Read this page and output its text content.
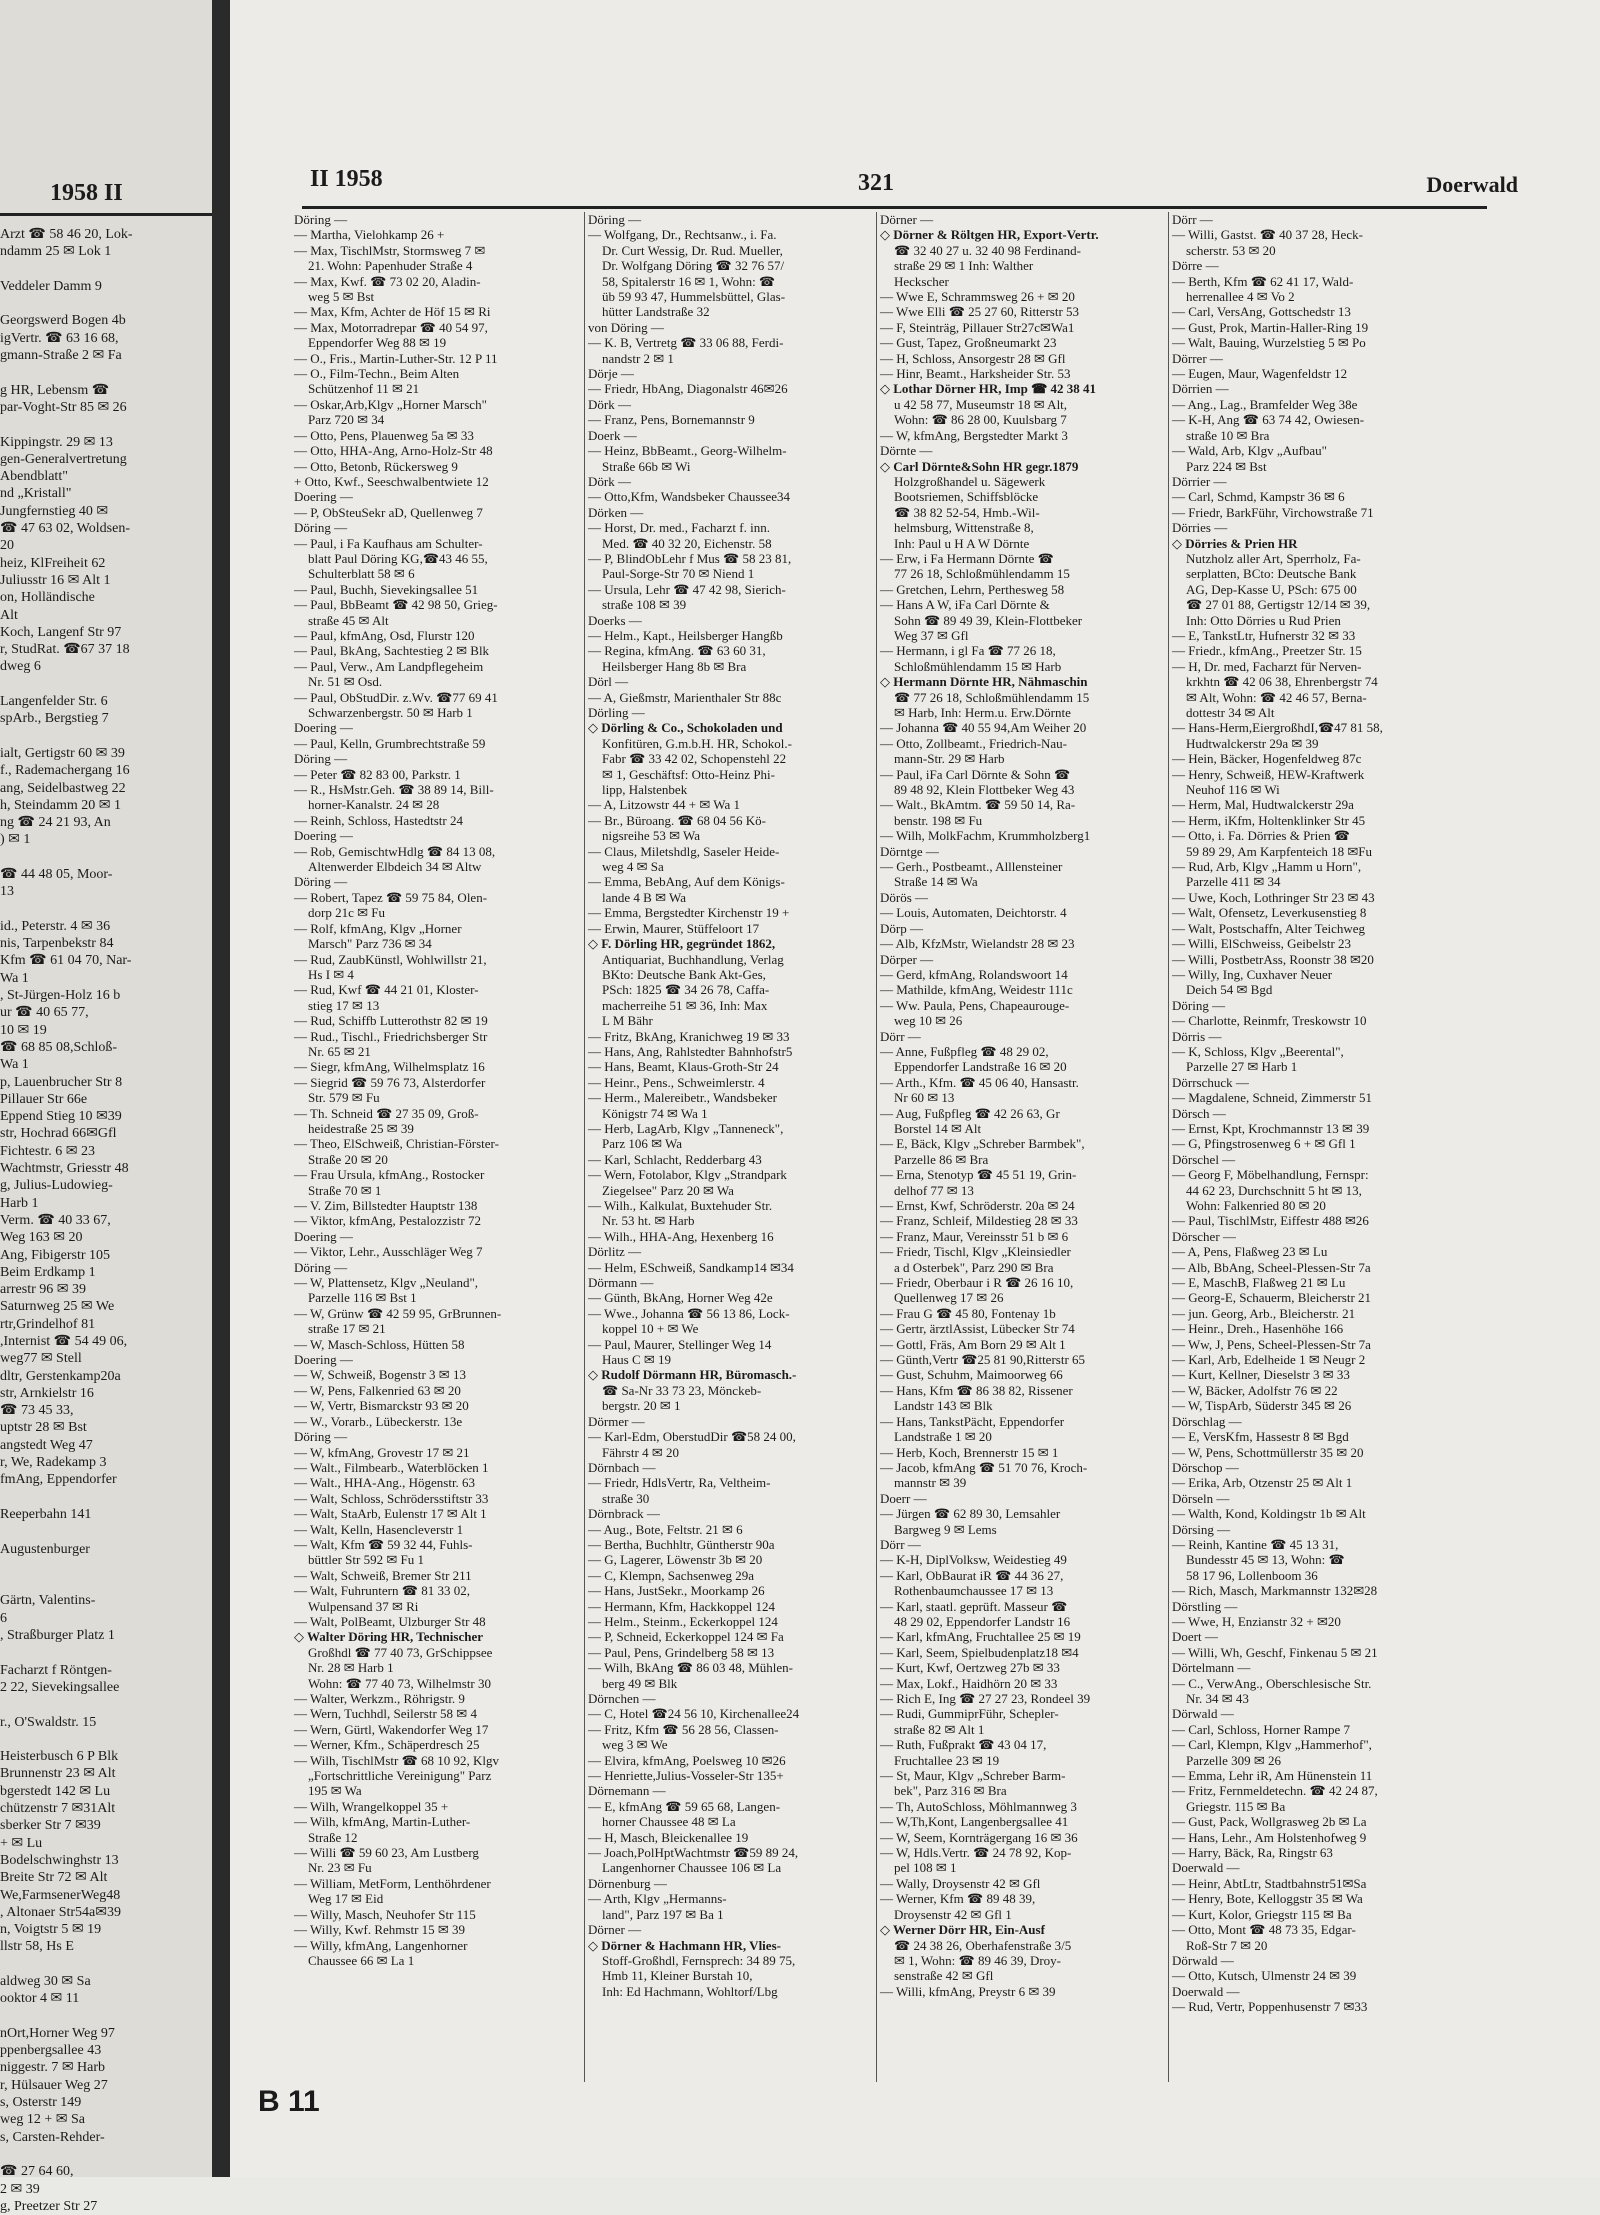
1958 II
Arzt ☎ 58 46 20, Lok-
ndamm 25 ✉ Lok 1

Veddeler Damm 9

Georgswerd Bogen 4b
igVertr. ☎ 63 16 68,
gmann-Straße 2 ✉ Fa

g HR, Lebensm ☎
par-Voght-Str 85 ✉ 26

Kippingstr. 29 ✉ 13
gen-Generalvertretung
Abendblatt"
nd „Kristall"
Jungfernstieg 40 ✉
☎ 47 63 02, Woldsen-
20
heiz, KlFreiheit 62
Juliusstr 16 ✉ Alt 1
on, Holländische
Alt
Koch, Langenf Str 97
r, StudRat. ☎67 37 18
dweg 6

Langenfelder Str. 6
spArb., Bergstieg 7

ialt, Gertigstr 60 ✉ 39
f., Rademachergang 16
ang, Seidelbastweg 22
h, Steindamm 20 ✉ 1
ng ☎ 24 21 93, An
) ✉ 1

☎ 44 48 05, Moor-
13

id., Peterstr. 4 ✉ 36
nis, Tarpenbekstr 84
Kfm ☎ 61 04 70, Nar-
Wa 1
, St-Jürgen-Holz 16 b
ur ☎ 40 65 77,
10 ✉ 19
☎ 68 85 08,Schloß-
Wa 1
p, Lauenbrucher Str 8
Pillauer Str 66e
Eppend Stieg 10 ✉39
str, Hochrad 66✉Gfl
Fichtestr. 6 ✉ 23
Wachtmstr, Griesstr 48
g, Julius-Ludowieg-
Harb 1
Verm. ☎ 40 33 67,
Weg 163 ✉ 20
Ang, Fibigerstr 105
Beim Erdkamp 1
arrestr 96 ✉ 39
Saturnweg 25 ✉ We
rtr,Grindelhof 81
,Internist ☎ 54 49 06,
weg77 ✉ Stell
dltr, Gerstenkamp20a
str, Arnkielstr 16
☎ 73 45 33,
uptstr 28 ✉ Bst
angstedt Weg 47
r, We, Radekamp 3
fmAng, Eppendorfer

Reeperbahn 141

Augustenburger

Gärtn, Valentins-
6
, Straßburger Platz 1

Facharzt f Röntgen-
2 22, Sievekingsallee

r., O'Swaldstr. 15

Heisterbusch 6 P Blk
Brunnenstr 23 ✉ Alt
bgerstedt 142 ✉ Lu
chützenstr 7 ✉31Alt
sberker Str 7 ✉39
+ ✉ Lu
Bodelschwinghstr 13
Breite Str 72 ✉ Alt
We,FarmsenerWeg48
, Altonaer Str54a✉39
n, Voigtstr 5 ✉ 19
llstr 58, Hs E

aldweg 30 ✉ Sa
ooktor 4 ✉ 11

nOrt,Horner Weg 97
ppenbergsallee 43
niggestr. 7 ✉ Harb
r, Hülsauer Weg 27
s, Osterstr 149
weg 12 + ✉ Sa
s, Carsten-Rehder-

☎ 27 64 60,
2 ✉ 39
g, Preetzer Str 27
II 1958	321	Doerwald
Döring —
— Martha, Vielohkamp 26 +
— Max, TischlMstr, Stormsweg 7 ✉
21. Wohn: Papenhuder Straße 4
— Max, Kwf. ☎ 73 02 20, Aladin-
weg 5 ✉ Bst
— Max, Kfm, Achter de Höf 15 ✉ Ri
— Max, Motorradrepar ☎ 40 54 97,
Eppendorfer Weg 88 ✉ 19
— O., Fris., Martin-Luther-Str. 12 P 11
— O., Film-Techn., Beim Alten
Schützenhof 11 ✉ 21
— Oskar,Arb,Klgv „Horner Marsch"
Parz 720 ✉ 34
— Otto, Pens, Plauenweg 5a ✉ 33
— Otto, HHA-Ang, Arno-Holz-Str 48
— Otto, Betonb, Rückersweg 9
+ Otto, Kwf., Seeschwalbentwiete 12
Doering —
— P, ObSteuSekr aD, Quellenweg 7
Döring —
— Paul, i Fa Kaufhaus am Schulter-
blatt Paul Döring KG,☎43 46 55,
Schulterblatt 58 ✉ 6
— Paul, Buchh, Sievekingsallee 51
— Paul, BbBeamt ☎ 42 98 50, Grieg-
straße 45 ✉ Alt
— Paul, kfmAng, Osd, Flurstr 120
— Paul, BkAng, Sachtestieg 2 ✉ Blk
— Paul, Verw., Am Landpflegeheim
Nr. 51 ✉ Osd.
— Paul, ObStudDir. z.Wv. ☎77 69 41
Schwarzenbergstr. 50 ✉ Harb 1
Doering —
— Paul, Kelln, Grumbrechtstraße 59
Döring —
— Peter ☎ 82 83 00, Parkstr. 1
— R., HsMstr.Geh. ☎ 38 89 14, Bill-
horner-Kanalstr. 24 ✉ 28
— Reinh, Schloss, Hastedtstr 24
Doering —
— Rob, GemischtwHdlg ☎ 84 13 08,
Altenwerder Elbdeich 34 ✉ Altw
Döring —
— Robert, Tapez ☎ 59 75 84, Olen-
dorp 21c ✉ Fu
— Rolf, kfmAng, Klgv „Horner
Marsch" Parz 736 ✉ 34
— Rud, ZaubKünstl, Wohlwillstr 21,
Hs I ✉ 4
— Rud, Kwf ☎ 44 21 01, Kloster-
stieg 17 ✉ 13
— Rud, Schiffb Lutterothstr 82 ✉ 19
— Rud., Tischl., Friedrichsberger Str
Nr. 65 ✉ 21
— Siegr, kfmAng, Wilhelmsplatz 16
— Siegrid ☎ 59 76 73, Alsterdorfer
Str. 579 ✉ Fu
— Th. Schneid ☎ 27 35 09, Groß-
heidestraße 25 ✉ 39
— Theo, ElSchweiß, Christian-Förster-
Straße 20 ✉ 20
— Frau Ursula, kfmAng., Rostocker
Straße 70 ✉ 1
— V. Zim, Billstedter Hauptstr 138
— Viktor, kfmAng, Pestalozzistr 72
Doering —
— Viktor, Lehr., Ausschläger Weg 7
Döring —
— W, Plattensetz, Klgv „Neuland",
Parzelle 116 ✉ Bst 1
— W, Grünw ☎ 42 59 95, GrBrunnen-
straße 17 ✉ 21
— W, Masch-Schloss, Hütten 58
Doering —
— W, Schweiß, Bogenstr 3 ✉ 13
— W, Pens, Falkenried 63 ✉ 20
— W, Vertr, Bismarckstr 93 ✉ 20
— W., Vorarb., Lübeckerstr. 13e
Döring —
— W, kfmAng, Grovestr 17 ✉ 21
— Walt., Filmbearb., Waterblöcken 1
— Walt., HHA-Ang., Högenstr. 63
— Walt, Schloss, Schrödersstiftstr 33
— Walt, StaArb, Eulenstr 17 ✉ Alt 1
— Walt, Kelln, Hasencleverstr 1
— Walt, Kfm ☎ 59 32 44, Fuhls-
büttler Str 592 ✉ Fu 1
— Walt, Schweiß, Bremer Str 211
— Walt, Fuhruntern ☎ 81 33 02,
Wulpensand 37 ✉ Ri
— Walt, PolBeamt, Ulzburger Str 48
◇ Walter Döring HR, Technischer
Großhdl ☎ 77 40 73, GrSchippsee
Nr. 28 ✉ Harb 1
Wohn: ☎ 77 40 73, Wilhelmstr 30
— Walter, Werkzm., Röhrigstr. 9
— Wern, Tuchhdl, Seilerstr 58 ✉ 4
— Wern, Gürtl, Wakendorfer Weg 17
— Werner, Kfm., Schäperdresch 25
— Wilh, TischlMstr ☎ 68 10 92, Klgv
„Fortschrittliche Vereinigung" Parz
195 ✉ Wa
— Wilh, Wrangelkoppel 35 +
— Wilh, kfmAng, Martin-Luther-
Straße 12
— Willi ☎ 59 60 23, Am Lustberg
Nr. 23 ✉ Fu
— William, MetForm, Lenthöhrdener
Weg 17 ✉ Eid
— Willy, Masch, Neuhofer Str 115
— Willy, Kwf. Rehmstr 15 ✉ 39
— Willy, kfmAng, Langenhorner
Chaussee 66 ✉ La 1
Döring —
— Wolfgang, Dr., Rechtsanw., i. Fa.
Dr. Curt Wessig, Dr. Rud. Mueller,
Dr. Wolfgang Döring ☎ 32 76 57/
58, Spitalerstr 16 ✉ 1, Wohn: ☎
üb 59 93 47, Hummelsbüttel, Glas-
hütter Landstraße 32
von Döring —
— K. B, Vertretg ☎ 33 06 88, Ferdi-
nandstr 2 ✉ 1
Dörje —
— Friedr, HbAng, Diagonalstr 46✉26
Dörk —
— Franz, Pens, Bornemannstr 9
Doerk —
— Heinz, BbBeamt., Georg-Wilhelm-
Straße 66b ✉ Wi
Dörk —
— Otto,Kfm, Wandsbeker Chaussee34
Dörken —
— Horst, Dr. med., Facharzt f. inn.
Med. ☎ 40 32 20, Eichenstr. 58
— P, BlindObLehr f Mus ☎ 58 23 81,
Paul-Sorge-Str 70 ✉ Niend 1
— Ursula, Lehr ☎ 47 42 98, Sierich-
straße 108 ✉ 39
Doerks —
— Helm., Kapt., Heilsberger Hangßb
— Regina, kfmAng. ☎ 63 60 31,
Heilsberger Hang 8b ✉ Bra
Dörl —
— A, Gießmstr, Marienthaler Str 88c
Dörling —
◇ Dörling & Co., Schokoladen und
Konfitüren, G.m.b.H. HR, Schokol.-
Fabr ☎ 33 42 02, Schopenstehl 22
✉ 1, Geschäftsf: Otto-Heinz Phi-
lipp, Halstenbek
— A, Litzowstr 44 + ✉ Wa 1
— Br., Büroang. ☎ 68 04 56 Kö-
nigsreihe 53 ✉ Wa
— Claus, Miletshdlg, Saseler Heide-
weg 4 ✉ Sa
— Emma, BebAng, Auf dem Königs-
lande 4 B ✉ Wa
— Emma, Bergstedter Kirchenstr 19 +
— Erwin, Maurer, Stüffeloort 17
◇ F. Dörling HR, gegründet 1862,
Antiquariat, Buchhandlung, Verlag
BKto: Deutsche Bank Akt-Ges,
PSch: 1825 ☎ 34 26 78, Caffa-
macherreihe 51 ✉ 36, Inh: Max
L M Bähr
— Fritz, BkAng, Kranichweg 19 ✉ 33
— Hans, Ang, Rahlstedter Bahnhofstr5
— Hans, Beamt, Klaus-Groth-Str 24
— Heinr., Pens., Schweimlerstr. 4
— Herm., Malereibetr., Wandsbeker
Königstr 74 ✉ Wa 1
— Herb, LagArb, Klgv „Tanneneck",
Parz 106 ✉ Wa
— Karl, Schlacht, Redderbarg 43
— Wern, Fotolabor, Klgv „Strandpark
Ziegelsee" Parz 20 ✉ Wa
— Wilh., Kalkulat, Buxtehuder Str.
Nr. 53 ht. ✉ Harb
— Wilh., HHA-Ang, Hexenberg 16
Dörlitz —
— Helm, ESchweiß, Sandkamp14 ✉34
Dörmann —
— Günth, BkAng, Horner Weg 42e
— Wwe., Johanna ☎ 56 13 86, Lock-
koppel 10 + ✉ We
— Paul, Maurer, Stellinger Weg 14
Haus C ✉ 19
◇ Rudolf Dörmann HR, Büromasch.-
☎ Sa-Nr 33 73 23, Mönckeb-
bergstr. 20 ✉ 1
Dörmer —
— Karl-Edm, OberstudDir ☎58 24 00,
Fährstr 4 ✉ 20
Dörnbach —
— Friedr, HdlsVertr, Ra, Veltheim-
straße 30
Dörnbrack —
— Aug., Bote, Feltstr. 21 ✉ 6
— Bertha, Buchhltr, Güntherstr 90a
— G, Lagerer, Löwenstr 3b ✉ 20
— C, Klempn, Sachsenweg 29a
— Hans, JustSekr., Moorkamp 26
— Hermann, Kfm, Hackkoppel 124
— Helm., Steinm., Eckerkoppel 124
— P, Schneid, Eckerkoppel 124 ✉ Fa
— Paul, Pens, Grindelberg 58 ✉ 13
— Wilh, BkAng ☎ 86 03 48, Mühlen-
berg 49 ✉ Blk
Dörnchen —
— C, Hotel ☎24 56 10, Kirchenallee24
— Fritz, Kfm ☎ 56 28 56, Classen-
weg 3 ✉ We
— Elvira, kfmAng, Poelsweg 10 ✉26
— Henriette,Julius-Vosseler-Str 135+
Dörnemann —
— E, kfmAng ☎ 59 65 68, Langen-
horner Chaussee 48 ✉ La
— H, Masch, Bleickenallee 19
— Joach,PolHptWachtmstr ☎59 89 24,
Langenhorner Chaussee 106 ✉ La
Dörnenburg —
— Arth, Klgv „Hermanns-
land", Parz 197 ✉ Ba 1
Dörner —
◇ Dörner & Hachmann HR, Vlies-
Stoff-Großhdl, Fernsprech: 34 89 75,
Hmb 11, Kleiner Burstah 10,
Inh: Ed Hachmann, Wohltorf/Lbg
Dörner —
◇ Dörner & Röltgen HR, Export-Vertr.
☎ 32 40 27 u. 32 40 98 Ferdinand-
straße 29 ✉ 1 Inh: Walther
Heckscher
— Wwe E, Schrammsweg 26 + ✉ 20
— Wwe Elli ☎ 25 27 60, Ritterstr 53
— F, Steinträg, Pillauer Str27c✉Wa1
— Gust, Tapez, Großneumarkt 23
— H, Schloss, Ansorgestr 28 ✉ Gfl
— Hinr, Beamt., Harksheider Str. 53
◇ Lothar Dörner HR, Imp ☎ 42 38 41
u 42 58 77, Museumstr 18 ✉ Alt,
Wohn: ☎ 86 28 00, Kuulsbarg 7
— W, kfmAng, Bergstedter Markt 3
Dörnte —
◇ Carl Dörnte&Sohn HR gegr.1879
Holzgroßhandel u. Sägewerk
Bootsriemen, Schiffsblöcke
☎ 38 82 52-54, Hmb.-Wil-
helmsburg, Wittenstraße 8,
Inh: Paul u H A W Dörnte
— Erw, i Fa Hermann Dörnte ☎
77 26 18, Schloßmühlendamm 15
— Gretchen, Lehrn, Perthesweg 58
— Hans A W, iFa Carl Dörnte &
Sohn ☎ 89 49 39, Klein-Flottbeker
Weg 37 ✉ Gfl
— Hermann, i gl Fa ☎ 77 26 18,
Schloßmühlendamm 15 ✉ Harb
◇ Hermann Dörnte HR, Nähmaschin
☎ 77 26 18, Schloßmühlendamm 15
✉ Harb, Inh: Herm.u. Erw.Dörnte
— Johanna ☎ 40 55 94,Am Weiher 20
— Otto, Zollbeamt., Friedrich-Nau-
mann-Str. 29 ✉ Harb
— Paul, iFa Carl Dörnte & Sohn ☎
89 48 92, Klein Flottbeker Weg 43
— Walt., BkAmtm. ☎ 59 50 14, Ra-
benstr. 198 ✉ Fu
— Wilh, MolkFachm, Krummholzberg1
Dörntge —
— Gerh., Postbeamt., Alllensteiner
Straße 14 ✉ Wa
Dörös —
— Louis, Automaten, Deichtorstr. 4
Dörp —
— Alb, KfzMstr, Wielandstr 28 ✉ 23
Dörper —
— Gerd, kfmAng, Rolandswoort 14
— Mathilde, kfmAng, Weidestr 111c
— Ww. Paula, Pens, Chapeaurouge-
weg 10 ✉ 26
Dörr —
— Anne, Fußpfleg ☎ 48 29 02,
Eppendorfer Landstraße 16 ✉ 20
— Arth., Kfm. ☎ 45 06 40, Hansastr.
Nr 60 ✉ 13
— Aug, Fußpfleg ☎ 42 26 63, Gr
Borstel 14 ✉ Alt
— E, Bäck, Klgv „Schreber Barmbek",
Parzelle 86 ✉ Bra
— Erna, Stenotyp ☎ 45 51 19, Grin-
delhof 77 ✉ 13
— Ernst, Kwf, Schröderstr. 20a ✉ 24
— Franz, Schleif, Mildestieg 28 ✉ 33
— Franz, Maur, Vereinsstr 51 b ✉ 6
— Friedr, Tischl, Klgv „Kleinsiedler
a d Osterbek", Parz 290 ✉ Bra
— Friedr, Oberbaur i R ☎ 26 16 10,
Quellenweg 17 ✉ 26
— Frau G ☎ 45 80, Fontenay 1b
— Gertr, ärztlAssist, Lübecker Str 74
— Gottl, Fräs, Am Born 29 ✉ Alt 1
— Günth,Vertr ☎25 81 90,Ritterstr 65
— Gust, Schuhm, Maimoorweg 66
— Hans, Kfm ☎ 86 38 82, Rissener
Landstr 143 ✉ Blk
— Hans, TankstPächt, Eppendorfer
Landstraße 1 ✉ 20
— Herb, Koch, Brennerstr 15 ✉ 1
— Jacob, kfmAng ☎ 51 70 76, Kroch-
mannstr ✉ 39
Doerr —
— Jürgen ☎ 62 89 30, Lemsahler
Bargweg 9 ✉ Lems
Dörr —
— K-H, DiplVolksw, Weidestieg 49
— Karl, ObBaurat iR ☎ 44 36 27,
Rothenbaumchaussee 17 ✉ 13
— Karl, staatl. geprüft. Masseur ☎
48 29 02, Eppendorfer Landstr 16
— Karl, kfmAng, Fruchtallee 25 ✉ 19
— Karl, Seem, Spielbudenplatz18 ✉4
— Kurt, Kwf, Oertzweg 27b ✉ 33
— Max, Lokf., Haidhörn 20 ✉ 33
— Rich E, Ing ☎ 27 27 23, Rondeel 39
— Rudi, GummiprFühr, Schepler-
straße 82 ✉ Alt 1
— Ruth, Fußprakt ☎ 43 04 17,
Fruchtallee 23 ✉ 19
— St, Maur, Klgv „Schreber Barm-
bek", Parz 316 ✉ Bra
— Th, AutoSchloss, Möhlmannweg 3
— W,Th,Kont, Langenbergsallee 41
— W, Seem, Kornträgergang 16 ✉ 36
— W, Hdls.Vertr. ☎ 24 78 92, Kop-
pel 108 ✉ 1
— Wally, Droysenstr 42 ✉ Gfl
— Werner, Kfm ☎ 89 48 39,
Droysenstr 42 ✉ Gfl 1
◇ Werner Dörr HR, Ein-Ausf
☎ 24 38 26, Oberhafenstraße 3/5
✉ 1, Wohn: ☎ 89 46 39, Droy-
senstraße 42 ✉ Gfl
— Willi, kfmAng, Preystr 6 ✉ 39
Dörr —
— Willi, Gastst. ☎ 40 37 28, Heck-
scherstr. 53 ✉ 20
Dörre —
— Berth, Kfm ☎ 62 41 17, Wald-
herrenallee 4 ✉ Vo 2
— Carl, VersAng, Gottschedstr 13
— Gust, Prok, Martin-Haller-Ring 19
— Walt, Bauing, Wurzelstieg 5 ✉ Po
Dörrer —
— Eugen, Maur, Wagenfeldstr 12
Dörrien —
— Ang., Lag., Bramfelder Weg 38e
— K-H, Ang ☎ 63 74 42, Owiesen-
straße 10 ✉ Bra
— Wald, Arb, Klgv „Aufbau"
Parz 224 ✉ Bst
Dörrier —
— Carl, Schmd, Kampstr 36 ✉ 6
— Friedr, BarkFühr, Virchowstraße 71
Dörries —
◇ Dörries & Prien HR
Nutzholz aller Art, Sperrholz, Fa-
serplatten, BCto: Deutsche Bank
AG, Dep-Kasse U, PSch: 675 00
☎ 27 01 88, Gertigstr 12/14 ✉ 39,
Inh: Otto Dörries u Rud Prien
— E, TankstLtr, Hufnerstr 32 ✉ 33
— Friedr., kfmAng., Preetzer Str. 15
— H, Dr. med, Facharzt für Nerven-
krkhtn ☎ 42 06 38, Ehrenbergstr 74
✉ Alt, Wohn: ☎ 42 46 57, Berna-
dottestr 34 ✉ Alt
— Hans-Herm,EiergroßhdI,☎47 81 58,
Hudtwalckerstr 29a ✉ 39
— Hein, Bäcker, Hogenfeldweg 87c
— Henry, Schweiß, HEW-Kraftwerk
Neuhof 116 ✉ Wi
— Herm, Mal, Hudtwalckerstr 29a
— Herm, iKfm, Holtenklinker Str 45
— Otto, i. Fa. Dörries & Prien ☎
59 89 29, Am Karpfenteich 18 ✉Fu
— Rud, Arb, Klgv „Hamm u Horn",
Parzelle 411 ✉ 34
— Uwe, Koch, Lothringer Str 23 ✉ 43
— Walt, Ofensetz, Leverkusenstieg 8
— Walt, Postschaffn, Alter Teichweg
— Willi, ElSchweiss, Geibelstr 23
— Willi, PostbetrAss, Roonstr 38 ✉20
— Willy, Ing, Cuxhaver Neuer
Deich 54 ✉ Bgd
Döring —
— Charlotte, Reinmfr, Treskowstr 10
Dörris —
— K, Schloss, Klgv „Beerental",
Parzelle 27 ✉ Harb 1
Dörrschuck —
— Magdalene, Schneid, Zimmerstr 51
Dörsch —
— Ernst, Kpt, Krochmannstr 13 ✉ 39
— G, Pfingstrosenweg 6 + ✉ Gfl 1
Dörschel —
— Georg F, Möbelhandlung, Fernspr:
44 62 23, Durchschnitt 5 ht ✉ 13,
Wohn: Falkenried 80 ✉ 20
— Paul, TischlMstr, Eiffestr 488 ✉26
Dörscher —
— A, Pens, Flaßweg 23 ✉ Lu
— Alb, BbAng, Scheel-Plessen-Str 7a
— E, MaschB, Flaßweg 21 ✉ Lu
— Georg-E, Schauerm, Bleicherstr 21
— jun. Georg, Arb., Bleicherstr. 21
— Heinr., Dreh., Hasenhöhe 166
— Ww, J, Pens, Scheel-Plessen-Str 7a
— Karl, Arb, Edelheide 1 ✉ Neugr 2
— Kurt, Kellner, Dieselstr 3 ✉ 33
— W, Bäcker, Adolfstr 76 ✉ 22
— W, TispArb, Süderstr 345 ✉ 26
Dörschlag —
— E, VersKfm, Hassestr 8 ✉ Bgd
— W, Pens, Schottmüllerstr 35 ✉ 20
Dörschop —
— Erika, Arb, Otzenstr 25 ✉ Alt 1
Dörseln —
— Walth, Kond, Koldingstr 1b ✉ Alt
Dörsing —
— Reinh, Kantine ☎ 45 13 31,
Bundesstr 45 ✉ 13, Wohn: ☎
58 17 96, Lollenboom 36
— Rich, Masch, Markmannstr 132✉28
Dörstling —
— Wwe, H, Enzianstr 32 + ✉20
Doert —
— Willi, Wh, Geschf, Finkenau 5 ✉ 21
Dörtelmann —
— C., VerwAng., Oberschlesische Str.
Nr. 34 ✉ 43
Dörwald —
— Carl, Schloss, Horner Rampe 7
— Carl, Klempn, Klgv „Hammerhof",
Parzelle 309 ✉ 26
— Emma, Lehr iR, Am Hünenstein 11
— Fritz, Fernmeldetechn. ☎ 42 24 87,
Griegstr. 115 ✉ Ba
— Gust, Pack, Wollgrasweg 2b ✉ La
— Hans, Lehr., Am Holstenhofweg 9
— Harry, Bäck, Ra, Ringstr 63
Doerwald —
— Heinr, AbtLtr, Stadtbahnstr51✉Sa
— Henry, Bote, Kelloggstr 35 ✉ Wa
— Kurt, Kolor, Griegstr 115 ✉ Ba
— Otto, Mont ☎ 48 73 35, Edgar-
Roß-Str 7 ✉ 20
Dörwald —
— Otto, Kutsch, Ulmenstr 24 ✉ 39
Doerwald —
— Rud, Vertr, Poppenhusenstr 7 ✉33
B 11
